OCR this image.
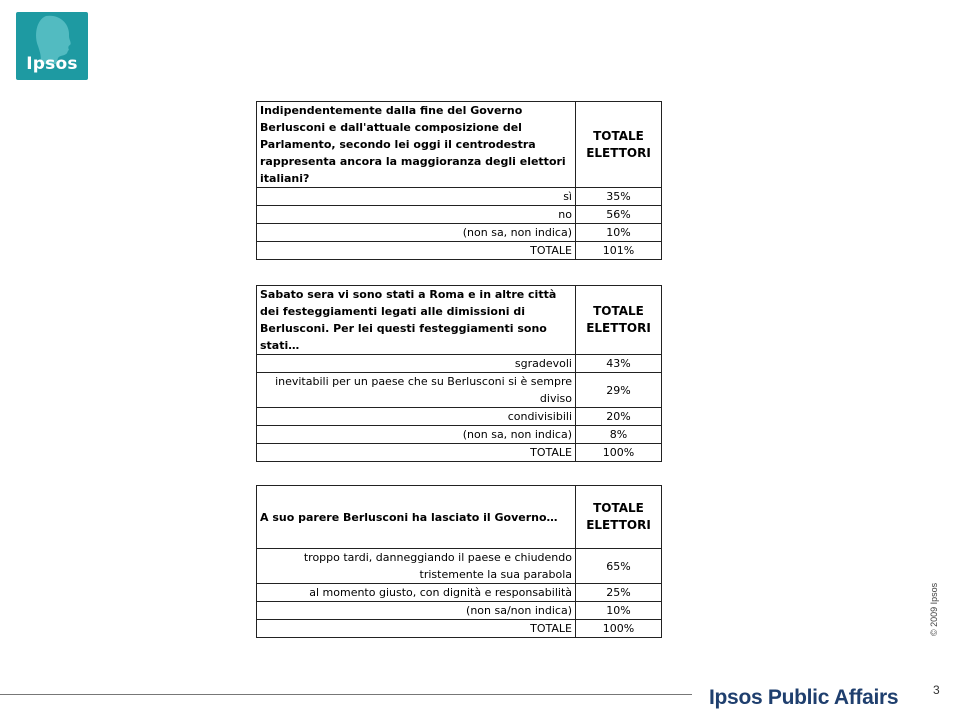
Ipsos
Indipendentemente dalla fine del Governo Berlusconi e dall'attuale composizione del Parlamento, secondo lei oggi il centrodestra rappresenta ancora la maggioranza degli elettori italiani?	TOTALE ELETTORI
sì	35%
no	56%
(non sa, non indica)	10%
TOTALE	101%
Sabato sera vi sono stati a Roma e in altre città dei festeggiamenti legati alle dimissioni di Berlusconi. Per lei questi festeggiamenti sono stati…	TOTALE ELETTORI
sgradevoli	43%
inevitabili per un paese che su Berlusconi si è sempre diviso	29%
condivisibili	20%
(non sa, non indica)	8%
TOTALE	100%
A suo parere Berlusconi ha lasciato il Governo…	TOTALE ELETTORI
troppo tardi, danneggiando il paese e chiudendo tristemente la sua parabola	65%
al momento giusto, con dignità e responsabilità	25%
(non sa/non indica)	10%
TOTALE	100%	© 2009 Ipsos
Ipsos Public Affairs	3
